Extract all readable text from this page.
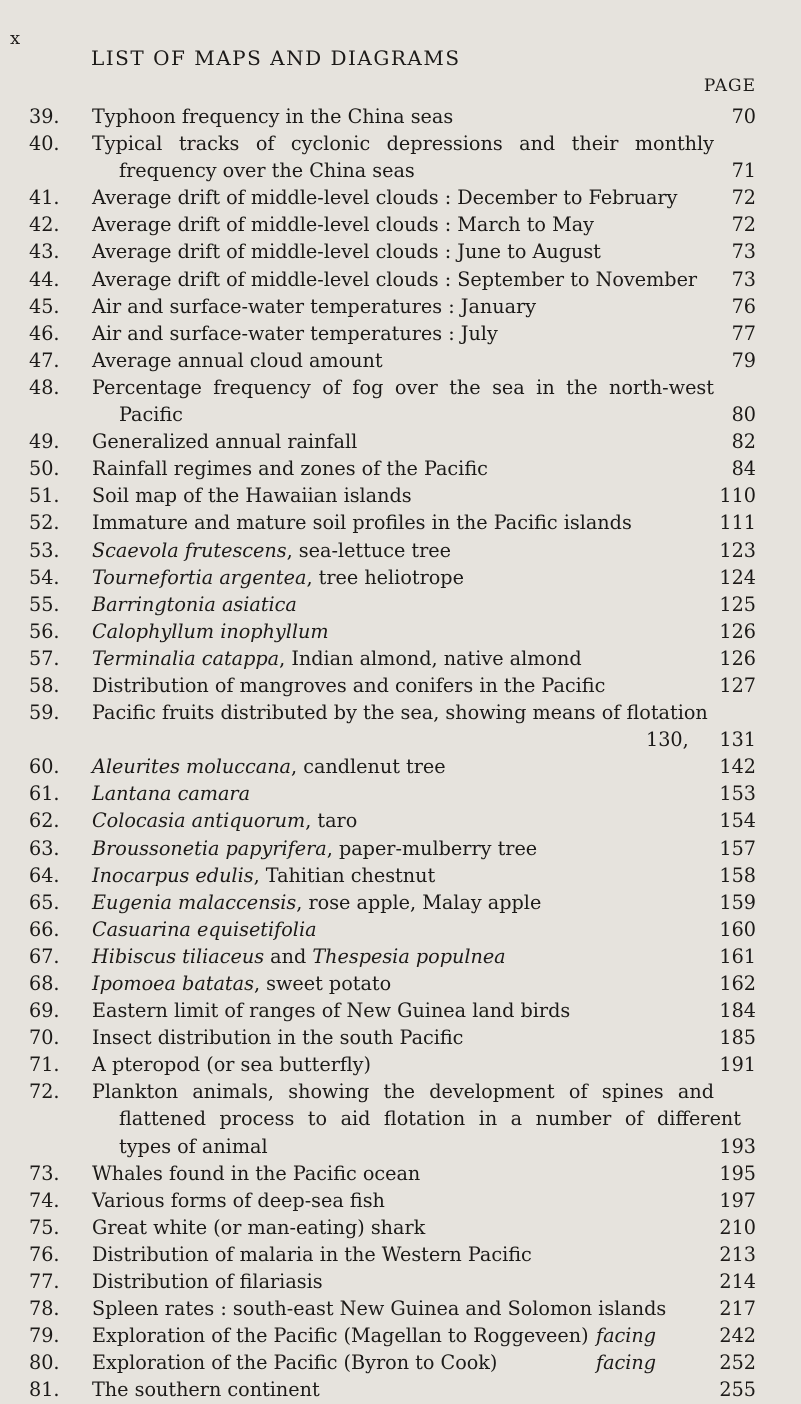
x
LIST OF MAPS AND DIAGRAMS
PAGE
39. Typhoon frequency in the China seas	70
40. Typical tracks of cyclonic depressions and their monthly
frequency over the China seas	71
41. Average drift of middle-level clouds : December to February	72
42. Average drift of middle-level clouds : March to May	72
43. Average drift of middle-level clouds : June to August	73
44. Average drift of middle-level clouds : September to November	73
45. Air and surface-water temperatures : January	76
46. Air and surface-water temperatures : July	77
47. Average annual cloud amount	79
48. Percentage frequency of fog over the sea in the north-west
Pacific	80
49. Generalized annual rainfall	82
50. Rainfall regimes and zones of the Pacific	84
51. Soil map of the Hawaiian islands	110
52. Immature and mature soil profiles in the Pacific islands	111
53. Scaevola frutescens, sea-lettuce tree	123
54. Tournefortia argentea, tree heliotrope	124
55. Barringtonia asiatica	125
56. Calophyllum inophyllum	126
57. Terminalia catappa, Indian almond, native almond	126
58. Distribution of mangroves and conifers in the Pacific	127
59. Pacific fruits distributed by the sea, showing means of flotation
130,	131
60. Aleurites moluccana, candlenut tree	142
61. Lantana camara	153
62. Colocasia antiquorum, taro	154
63. Broussonetia papyrifera, paper-mulberry tree	157
64. Inocarpus edulis, Tahitian chestnut	158
65. Eugenia malaccensis, rose apple, Malay apple	159
66. Casuarina equisetifolia	160
67. Hibiscus tiliaceus and Thespesia populnea	161
68. Ipomoea batatas, sweet potato	162
69. Eastern limit of ranges of New Guinea land birds	184
70. Insect distribution in the south Pacific	185
71. A pteropod (or sea butterfly)	191
72. Plankton animals, showing the development of spines and
flattened process to aid flotation in a number of different
types of animal	193
73. Whales found in the Pacific ocean	195
74. Various forms of deep-sea fish	197
75. Great white (or man-eating) shark	210
76. Distribution of malaria in the Western Pacific	213
77. Distribution of filariasis	214
78. Spleen rates : south-east New Guinea and Solomon islands	217
79. Exploration of the Pacific (Magellan to Roggeveen) facing	242
80. Exploration of the Pacific (Byron to Cook)	facing	252
81. The southern continent	255
